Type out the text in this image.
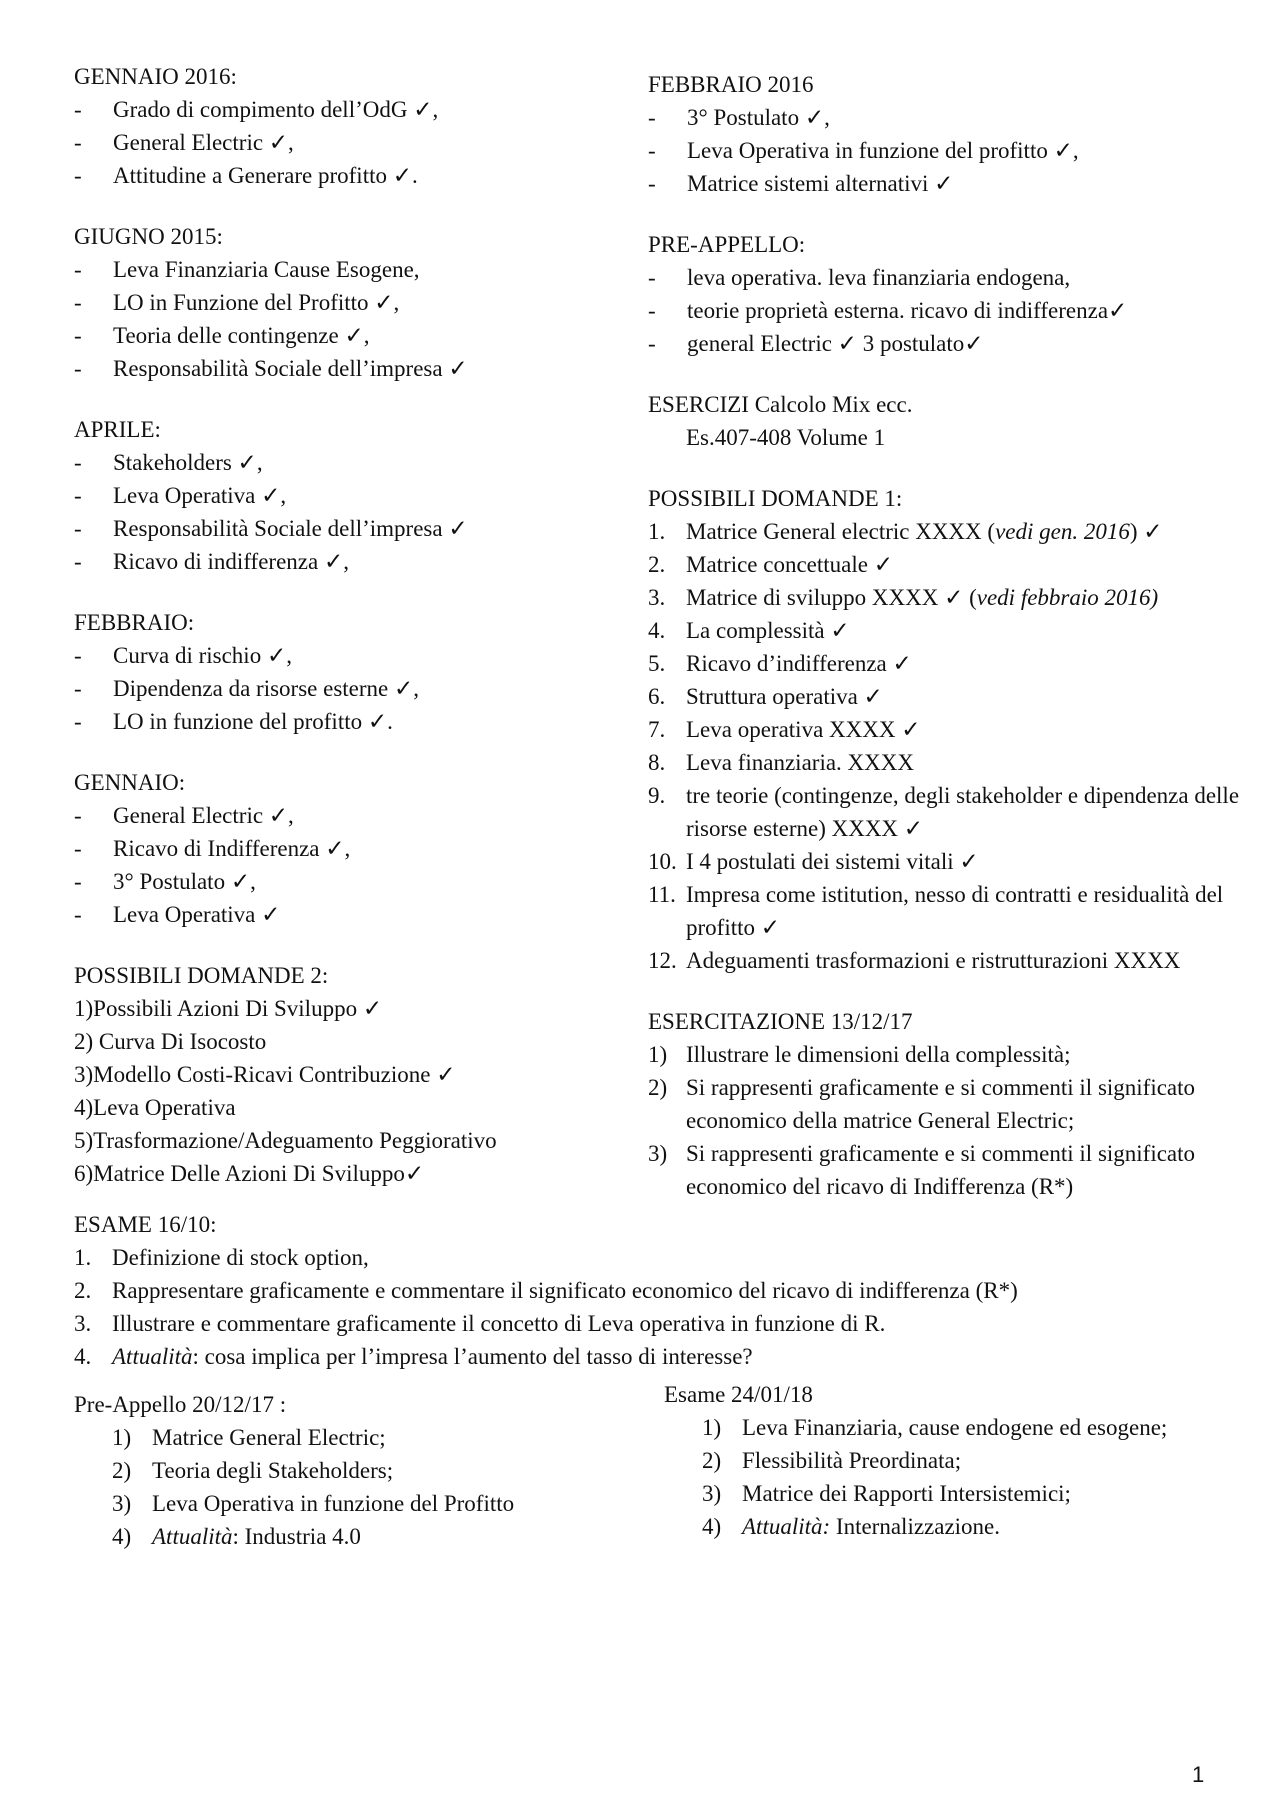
GENNAIO 2016:
- Grado di compimento dell’OdG ✓,
- General Electric ✓,
- Attitudine a Generare profitto ✓.
GIUGNO 2015:
- Leva Finanziaria Cause Esogene,
- LO in Funzione del Profitto ✓,
- Teoria delle contingenze ✓,
- Responsabilità Sociale dell’impresa ✓
APRILE:
- Stakeholders ✓,
- Leva Operativa ✓,
- Responsabilità Sociale dell’impresa ✓
- Ricavo di indifferenza ✓,
FEBBRAIO:
- Curva di rischio ✓,
- Dipendenza da risorse esterne ✓,
- LO in funzione del profitto ✓.
GENNAIO:
- General Electric ✓,
- Ricavo di Indifferenza ✓,
- 3° Postulato ✓,
- Leva Operativa ✓
POSSIBILI DOMANDE 2:
1)Possibili Azioni Di Sviluppo ✓
2) Curva Di Isocosto
3)Modello Costi-Ricavi Contribuzione ✓
4)Leva Operativa
5)Trasformazione/Adeguamento Peggiorativo
6)Matrice Delle Azioni Di Sviluppo✓
FEBBRAIO 2016
- 3° Postulato ✓,
- Leva Operativa in funzione del profitto ✓,
- Matrice sistemi alternativi ✓
PRE-APPELLO:
- leva operativa. leva finanziaria endogena,
- teorie proprietà esterna. ricavo di indifferenza✓
- general Electric ✓ 3 postulato✓
ESERCIZI Calcolo Mix ecc.
Es.407-408 Volume 1
POSSIBILI DOMANDE 1:
1. Matrice General electric XXXX (vedi gen. 2016) ✓
2. Matrice concettuale ✓
3. Matrice di sviluppo XXXX ✓ (vedi febbraio 2016)
4. La complessità ✓
5. Ricavo d’indifferenza ✓
6. Struttura operativa ✓
7. Leva operativa XXXX ✓
8. Leva finanziaria. XXXX
9. tre teorie (contingenze, degli stakeholder e dipendenza delle risorse esterne) XXXX ✓
10. I 4 postulati dei sistemi vitali ✓
11. Impresa come istitution, nesso di contratti e residualità del profitto ✓
12. Adeguamenti trasformazioni e ristrutturazioni XXXX
ESERCITAZIONE 13/12/17
1) Illustrare le dimensioni della complessità;
2) Si rappresenti graficamente e si commenti il significato economico della matrice General Electric;
3) Si rappresenti graficamente e si commenti il significato economico del ricavo di Indifferenza (R*)
ESAME 16/10:
1. Definizione di stock option,
2. Rappresentare graficamente e commentare il significato economico del ricavo di indifferenza (R*)
3. Illustrare e commentare graficamente il concetto di Leva operativa in funzione di R.
4. Attualità: cosa implica per l’impresa l’aumento del tasso di interesse?
Pre-Appello 20/12/17 :
1) Matrice General Electric;
2) Teoria degli Stakeholders;
3) Leva Operativa in funzione del Profitto
4) Attualità: Industria 4.0
Esame 24/01/18
1) Leva Finanziaria, cause endogene ed esogene;
2) Flessibilità Preordinata;
3) Matrice dei Rapporti Intersistemici;
4) Attualità: Internalizzazione.
1
